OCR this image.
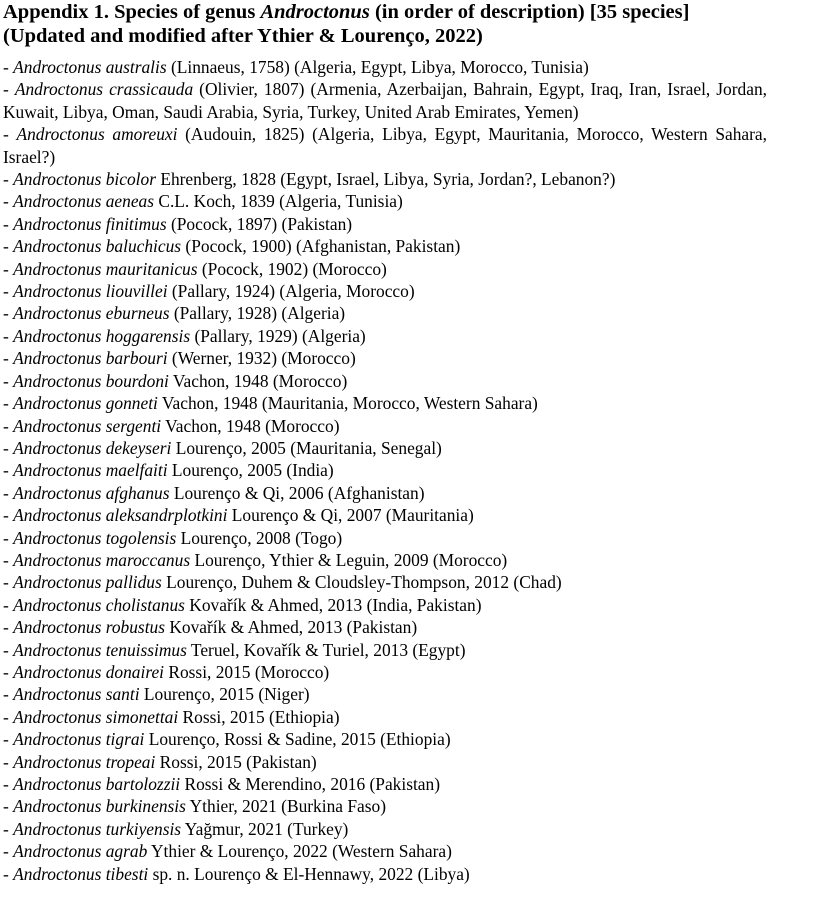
Appendix 1. Species of genus Androctonus (in order of description) [35 species]
(Updated and modified after Ythier & Lourenço, 2022)
- Androctonus australis (Linnaeus, 1758) (Algeria, Egypt, Libya, Morocco, Tunisia)
- Androctonus crassicauda (Olivier, 1807) (Armenia, Azerbaijan, Bahrain, Egypt, Iraq, Iran, Israel, Jordan, Kuwait, Libya, Oman, Saudi Arabia, Syria, Turkey, United Arab Emirates, Yemen)
- Androctonus amoreuxi (Audouin, 1825) (Algeria, Libya, Egypt, Mauritania, Morocco, Western Sahara, Israel?)
- Androctonus bicolor Ehrenberg, 1828 (Egypt, Israel, Libya, Syria, Jordan?, Lebanon?)
- Androctonus aeneas C.L. Koch, 1839 (Algeria, Tunisia)
- Androctonus finitimus (Pocock, 1897) (Pakistan)
- Androctonus baluchicus (Pocock, 1900) (Afghanistan, Pakistan)
- Androctonus mauritanicus (Pocock, 1902) (Morocco)
- Androctonus liouvillei (Pallary, 1924) (Algeria, Morocco)
- Androctonus eburneus (Pallary, 1928) (Algeria)
- Androctonus hoggarensis (Pallary, 1929) (Algeria)
- Androctonus barbouri (Werner, 1932) (Morocco)
- Androctonus bourdoni Vachon, 1948 (Morocco)
- Androctonus gonneti Vachon, 1948 (Mauritania, Morocco, Western Sahara)
- Androctonus sergenti Vachon, 1948 (Morocco)
- Androctonus dekeyseri Lourenço, 2005 (Mauritania, Senegal)
- Androctonus maelfaiti Lourenço, 2005 (India)
- Androctonus afghanus Lourenço & Qi, 2006 (Afghanistan)
- Androctonus aleksandrplotkini Lourenço & Qi, 2007 (Mauritania)
- Androctonus togolensis Lourenço, 2008 (Togo)
- Androctonus maroccanus Lourenço, Ythier & Leguin, 2009 (Morocco)
- Androctonus pallidus Lourenço, Duhem & Cloudsley-Thompson, 2012 (Chad)
- Androctonus cholistanus Kovařík & Ahmed, 2013 (India, Pakistan)
- Androctonus robustus Kovařík & Ahmed, 2013 (Pakistan)
- Androctonus tenuissimus Teruel, Kovařík & Turiel, 2013 (Egypt)
- Androctonus donairei Rossi, 2015 (Morocco)
- Androctonus santi Lourenço, 2015 (Niger)
- Androctonus simonettai Rossi, 2015 (Ethiopia)
- Androctonus tigrai Lourenço, Rossi & Sadine, 2015 (Ethiopia)
- Androctonus tropeai Rossi, 2015 (Pakistan)
- Androctonus bartolozzii Rossi & Merendino, 2016 (Pakistan)
- Androctonus burkinensis Ythier, 2021 (Burkina Faso)
- Androctonus turkiyensis Yağmur, 2021 (Turkey)
- Androctonus agrab Ythier & Lourenço, 2022 (Western Sahara)
- Androctonus tibesti sp. n. Lourenço & El-Hennawy, 2022 (Libya)
